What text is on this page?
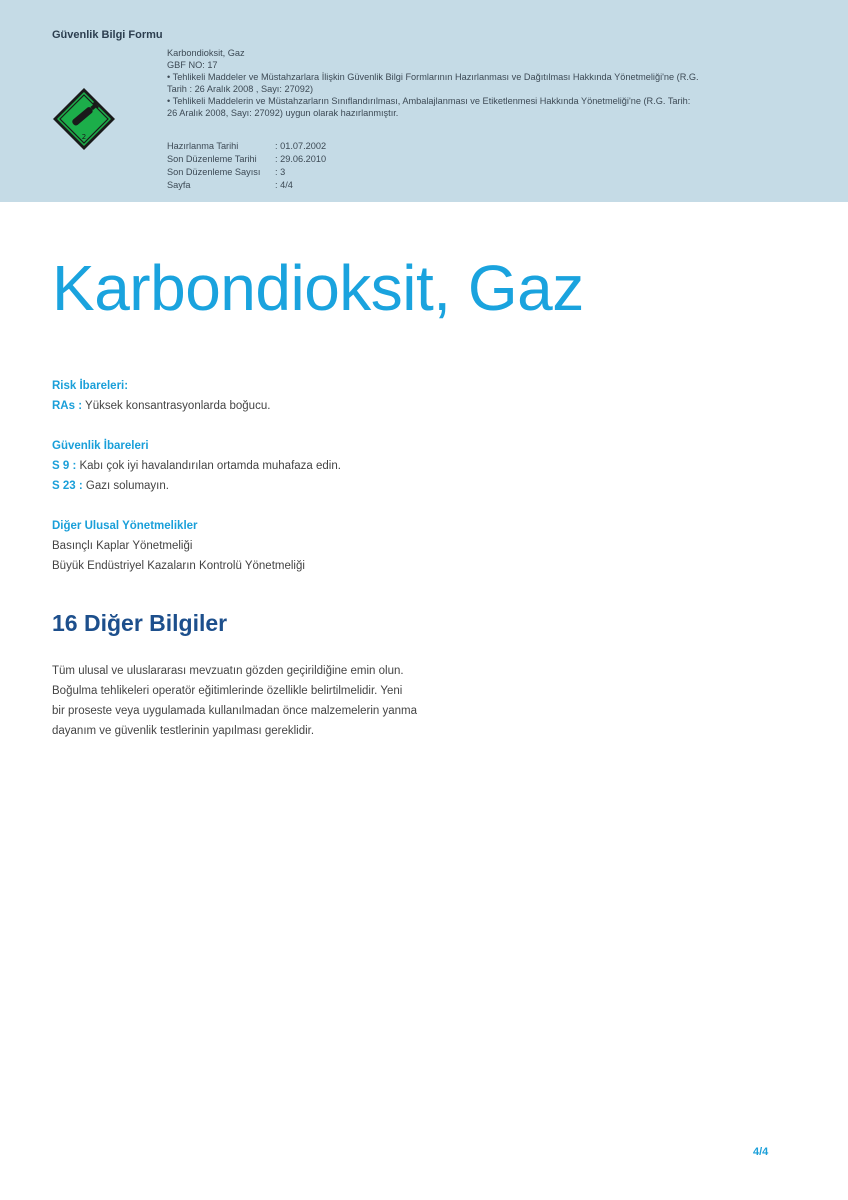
Güvenlik Bilgi Formu
2
Karbondioksit, Gaz
GBF NO: 17
• Tehlikeli Maddeler ve Müstahzarlara İlişkin Güvenlik Bilgi Formlarının Hazırlanması ve Dağıtılması Hakkında Yönetmeliği'ne (R.G.
Tarih : 26 Aralık 2008 , Sayı: 27092)
• Tehlikeli Maddelerin ve Müstahzarların Sınıflandırılması, Ambalajlanması ve Etiketlenmesi Hakkında Yönetmeliği'ne (R.G. Tarih:
26 Aralık 2008, Sayı: 27092) uygun olarak hazırlanmıştır.
Hazırlanma Tarihi	: 01.07.2002
Son Düzenleme Tarihi	: 29.06.2010
Son Düzenleme Sayısı	: 3
Sayfa	: 4/4
Karbondioksit, Gaz
Risk İbareleri:
RAs : Yüksek konsantrasyonlarda boğucu.
Güvenlik İbareleri
S 9 : Kabı çok iyi havalandırılan ortamda muhafaza edin.
S 23 : Gazı solumayın.
Diğer Ulusal Yönetmelikler
Basınçlı Kaplar Yönetmeliği
Büyük Endüstriyel Kazaların Kontrolü Yönetmeliği
16 Diğer Bilgiler
Tüm ulusal ve uluslararası mevzuatın gözden geçirildiğine emin olun.
Boğulma tehlikeleri operatör eğitimlerinde özellikle belirtilmelidir. Yeni
bir proseste veya uygulamada kullanılmadan önce malzemelerin yanma
dayanım ve güvenlik testlerinin yapılması gereklidir.
4/4
